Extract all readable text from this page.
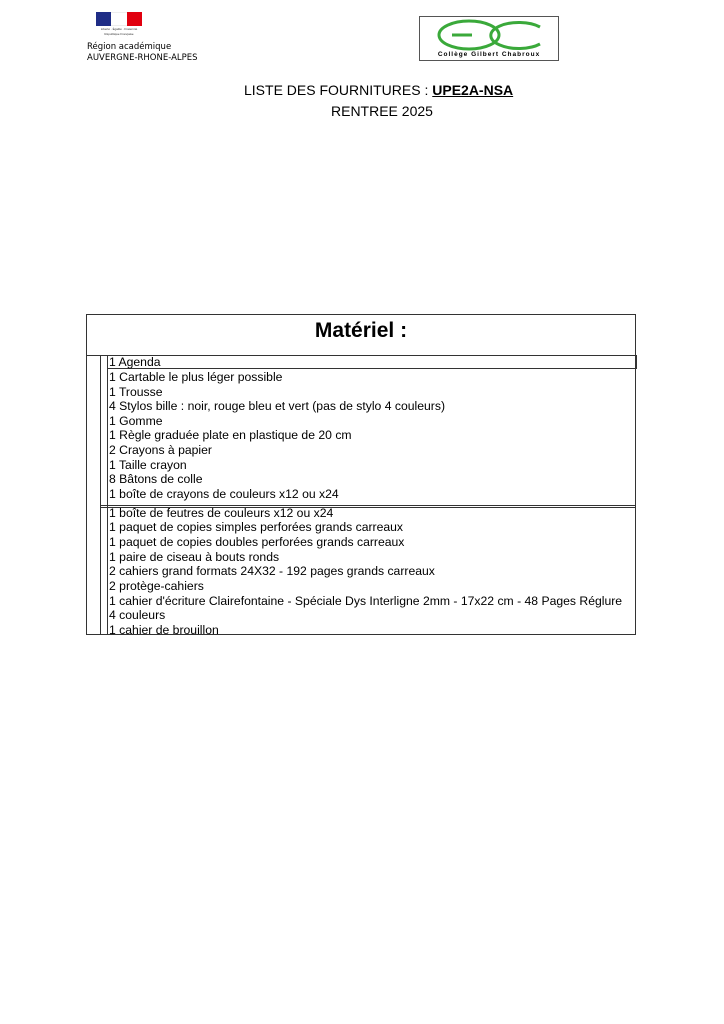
Liberté · Égalité · Fraternité
République Française
Région académique
AUVERGNE-RHONE-ALPES	Collège Gilbert Chabroux
LISTE DES FOURNITURES : UPE2A-NSA
RENTREE 2025
Matériel :
1 Agenda
1 Cartable le plus léger possible
1 Trousse
4 Stylos bille : noir, rouge bleu et vert (pas de stylo 4 couleurs)
1 Gomme
1 Règle graduée plate en plastique de 20 cm
2 Crayons à papier
1 Taille crayon
8 Bâtons de colle
1 boîte de crayons de couleurs x12 ou x24
1 boîte de feutres de couleurs x12 ou x24
1 paquet de copies simples perforées grands carreaux
1 paquet de copies doubles perforées grands carreaux
1 paire de ciseau à bouts ronds
2 cahiers grand formats 24X32 - 192 pages grands carreaux
2 protège-cahiers
1 cahier d'écriture Clairefontaine - Spéciale Dys Interligne 2mm - 17x22 cm - 48 Pages Réglure
4 couleurs
1 cahier de brouillon
